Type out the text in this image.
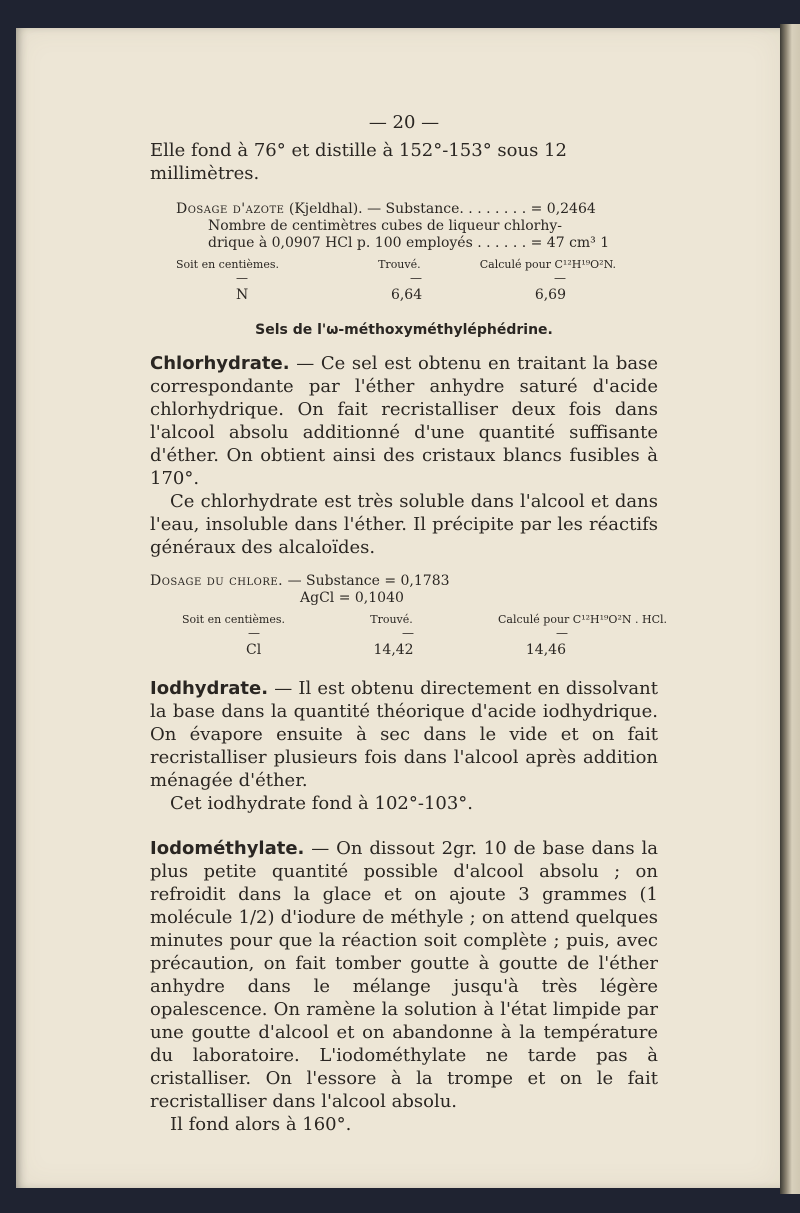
— 20 —
Elle fond à 76° et distille à 152°-153° sous 12 millimètres.
Dosage d'azote (Kjeldhal). — Substance. . . . . . . . = 0,2464
Nombre de centimètres cubes de liqueur chlorhy-
drique à 0,0907 HCl p. 100 employés . . . . . . = 47 cm³ 1
Soit en centièmes.	Trouvé.	Calculé pour C¹²H¹⁹O²N.
—	—	—
N	6,64	6,69
Sels de l'ω-méthoxyméthyléphédrine.
Chlorhydrate. — Ce sel est obtenu en traitant la base correspondante par l'éther anhydre saturé d'acide chlorhydrique. On fait recristalliser deux fois dans l'alcool absolu additionné d'une quantité suffisante d'éther. On obtient ainsi des cristaux blancs fusibles à 170°.
Ce chlorhydrate est très soluble dans l'alcool et dans l'eau, insoluble dans l'éther. Il précipite par les réactifs généraux des alcaloïdes.
Dosage du chlore. — Substance = 0,1783
AgCl = 0,1040
Soit en centièmes.	Trouvé.	Calculé pour C¹²H¹⁹O²N . HCl.
—	—	—
Cl	14,42	14,46
Iodhydrate. — Il est obtenu directement en dissolvant la base dans la quantité théorique d'acide iodhydrique. On évapore ensuite à sec dans le vide et on fait recristalliser plusieurs fois dans l'alcool après addition ménagée d'éther.
Cet iodhydrate fond à 102°-103°.
Iodométhylate. — On dissout 2gr. 10 de base dans la plus petite quantité possible d'alcool absolu ; on refroidit dans la glace et on ajoute 3 grammes (1 molécule 1/2) d'iodure de méthyle ; on attend quelques minutes pour que la réaction soit complète ; puis, avec précaution, on fait tomber goutte à goutte de l'éther anhydre dans le mélange jusqu'à très légère opalescence. On ramène la solution à l'état limpide par une goutte d'alcool et on abandonne à la température du laboratoire. L'iodométhylate ne tarde pas à cristalliser. On l'essore à la trompe et on le fait recristalliser dans l'alcool absolu.
Il fond alors à 160°.
